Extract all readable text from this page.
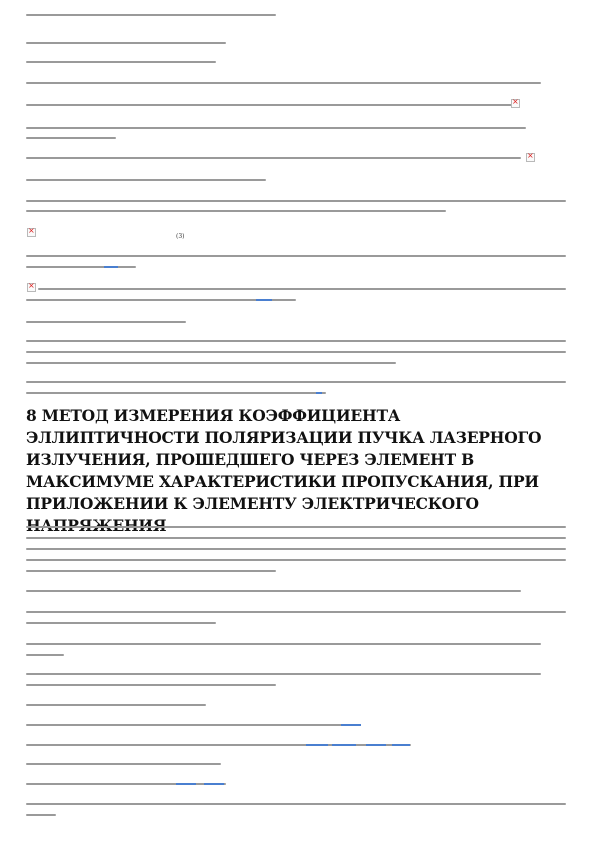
×
×
×
(3)
×
8 МЕТОД ИЗМЕРЕНИЯ КОЭФФИЦИЕНТА ЭЛЛИПТИЧНОСТИ ПОЛЯРИЗАЦИИ ПУЧКА ЛАЗЕРНОГО ИЗЛУЧЕНИЯ, ПРОШЕДШЕГО ЧЕРЕЗ ЭЛЕМЕНТ В МАКСИМУМЕ ХАРАКТЕРИСТИКИ ПРОПУСКАНИЯ, ПРИ ПРИЛОЖЕНИИ К ЭЛЕМЕНТУ ЭЛЕКТРИЧЕСКОГО
